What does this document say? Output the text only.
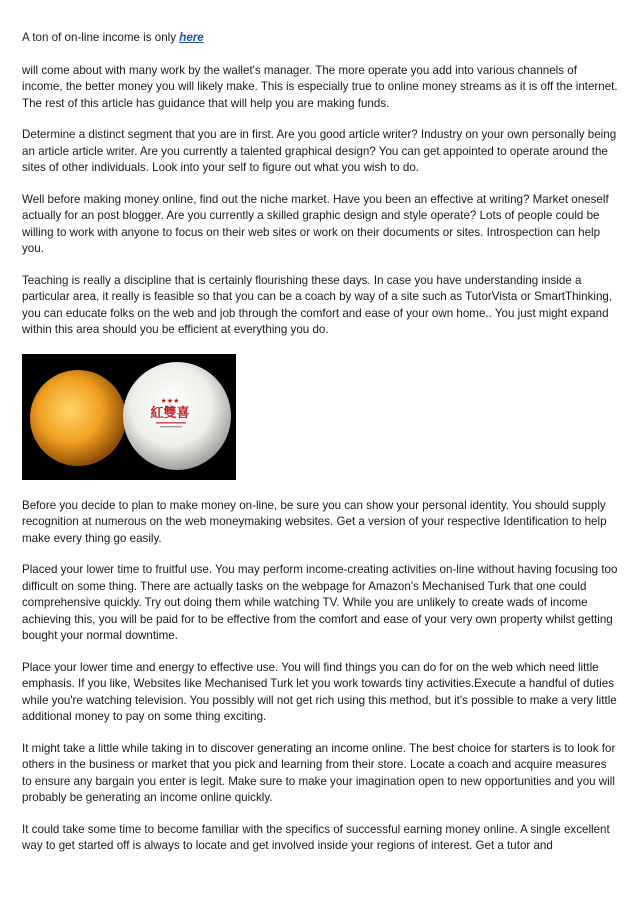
A ton of on-line income is only here

will come about with many work by the wallet's manager. The more operate you add into various channels of income, the better money you will likely make. This is especially true to online money streams as it is off the internet. The rest of this article has guidance that will help you are making funds.

Determine a distinct segment that you are in first. Are you good article writer? Industry on your own personally being an article article writer. Are you currently a talented graphical design? You can get appointed to operate around the sites of other individuals. Look into your self to figure out what you wish to do.

Well before making money online, find out the niche market. Have you been an effective at writing? Market oneself actually for an post blogger. Are you currently a skilled graphic design and style operate? Lots of people could be willing to work with anyone to focus on their web sites or work on their documents or sites. Introspection can help you.

Teaching is really a discipline that is certainly flourishing these days. In case you have understanding inside a particular area, it really is feasible so that you can be a coach by way of a site such as TutorVista or SmartThinking, you can educate folks on the web and job through the comfort and ease of your own home.. You just might expand within this area should you be efficient at everything you do.

★★★
紅雙喜

Before you decide to plan to make money on-line, be sure you can show your personal identity. You should supply recognition at numerous on the web moneymaking websites. Get a version of your respective Identification to help make every thing go easily.

Placed your lower time to fruitful use. You may perform income-creating activities on-line without having focusing too difficult on some thing. There are actually tasks on the webpage for Amazon's Mechanised Turk that one could comprehensive quickly. Try out doing them while watching TV. While you are unlikely to create wads of income achieving this, you will be paid for to be effective from the comfort and ease of your very own property whilst getting bought your normal downtime.

Place your lower time and energy to effective use. You will find things you can do for on the web which need little emphasis. If you like, Websites like Mechanised Turk let you work towards tiny activities.Execute a handful of duties while you're watching television. You possibly will not get rich using this method, but it's possible to make a very little additional money to pay on some thing exciting.

It might take a little while taking in to discover generating an income online. The best choice for starters is to look for others in the business or market that you pick and learning from their store. Locate a coach and acquire measures to ensure any bargain you enter is legit. Make sure to make your imagination open to new opportunities and you will probably be generating an income online quickly.

It could take some time to become familiar with the specifics of successful earning money online. A single excellent way to get started off is always to locate and get involved inside your regions of interest. Get a tutor and
